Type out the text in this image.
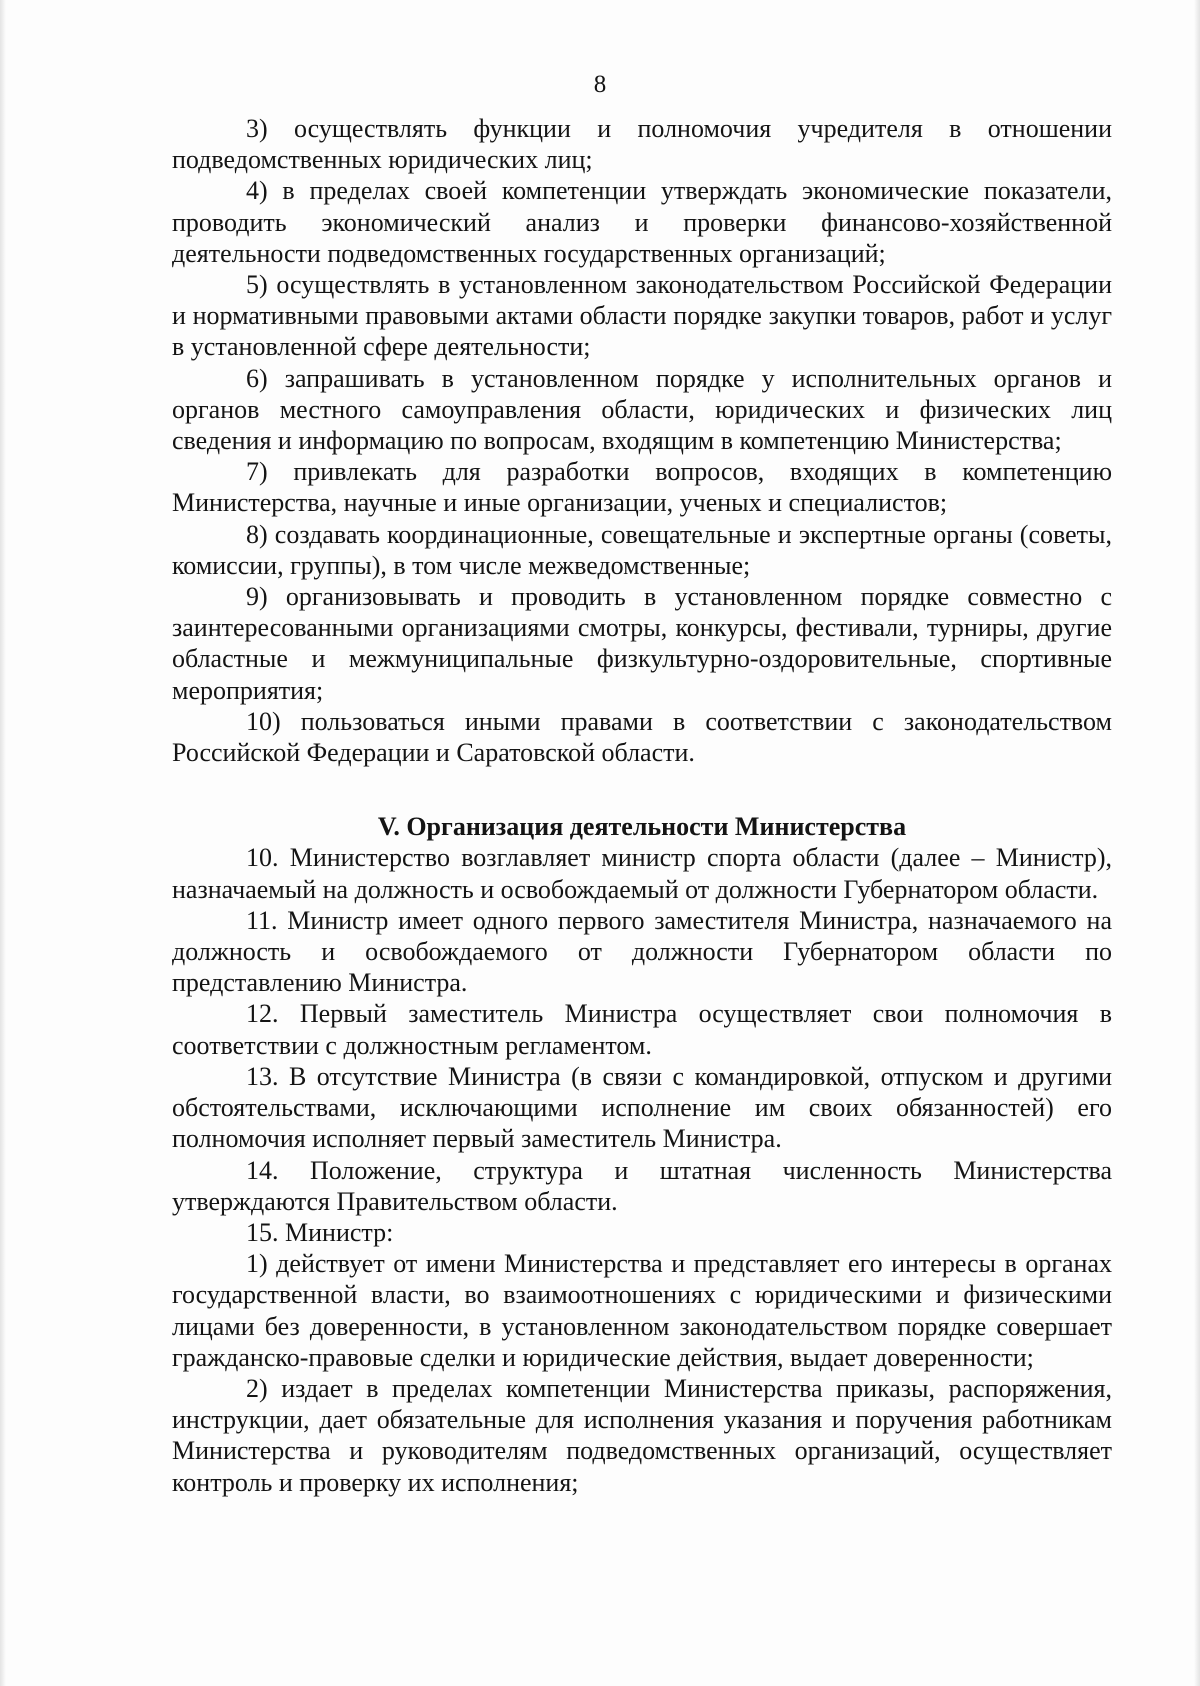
8

3) осуществлять функции и полномочия учредителя в отношении подведомственных юридических лиц;

4) в пределах своей компетенции утверждать экономические показатели, проводить экономический анализ и проверки финансово-хозяйственной деятельности подведомственных государственных организаций;

5) осуществлять в установленном законодательством Российской Федерации и нормативными правовыми актами области порядке закупки товаров, работ и услуг в установленной сфере деятельности;

6) запрашивать в установленном порядке у исполнительных органов и органов местного самоуправления области, юридических и физических лиц сведения и информацию по вопросам, входящим в компетенцию Министерства;

7) привлекать для разработки вопросов, входящих в компетенцию Министерства, научные и иные организации, ученых и специалистов;

8) создавать координационные, совещательные и экспертные органы (советы, комиссии, группы), в том числе межведомственные;

9) организовывать и проводить в установленном порядке совместно с заинтересованными организациями смотры, конкурсы, фестивали, турниры, другие областные и межмуниципальные физкультурно-оздоровительные, спортивные мероприятия;

10) пользоваться иными правами в соответствии с законодательством Российской Федерации и Саратовской области.

V. Организация деятельности Министерства

10. Министерство возглавляет министр спорта области (далее – Министр), назначаемый на должность и освобождаемый от должности Губернатором области.

11. Министр имеет одного первого заместителя Министра, назначаемого на должность и освобождаемого от должности Губернатором области по представлению Министра.

12. Первый заместитель Министра осуществляет свои полномочия в соответствии с должностным регламентом.

13. В отсутствие Министра (в связи с командировкой, отпуском и другими обстоятельствами, исключающими исполнение им своих обязанностей) его полномочия исполняет первый заместитель Министра.

14. Положение, структура и штатная численность Министерства утверждаются Правительством области.

15. Министр:

1) действует от имени Министерства и представляет его интересы в органах государственной власти, во взаимоотношениях с юридическими и физическими лицами без доверенности, в установленном законодательством порядке совершает гражданско-правовые сделки и юридические действия, выдает доверенности;

2) издает в пределах компетенции Министерства приказы, распоряжения, инструкции, дает обязательные для исполнения указания и поручения работникам Министерства и руководителям подведомственных организаций, осуществляет контроль и проверку их исполнения;
